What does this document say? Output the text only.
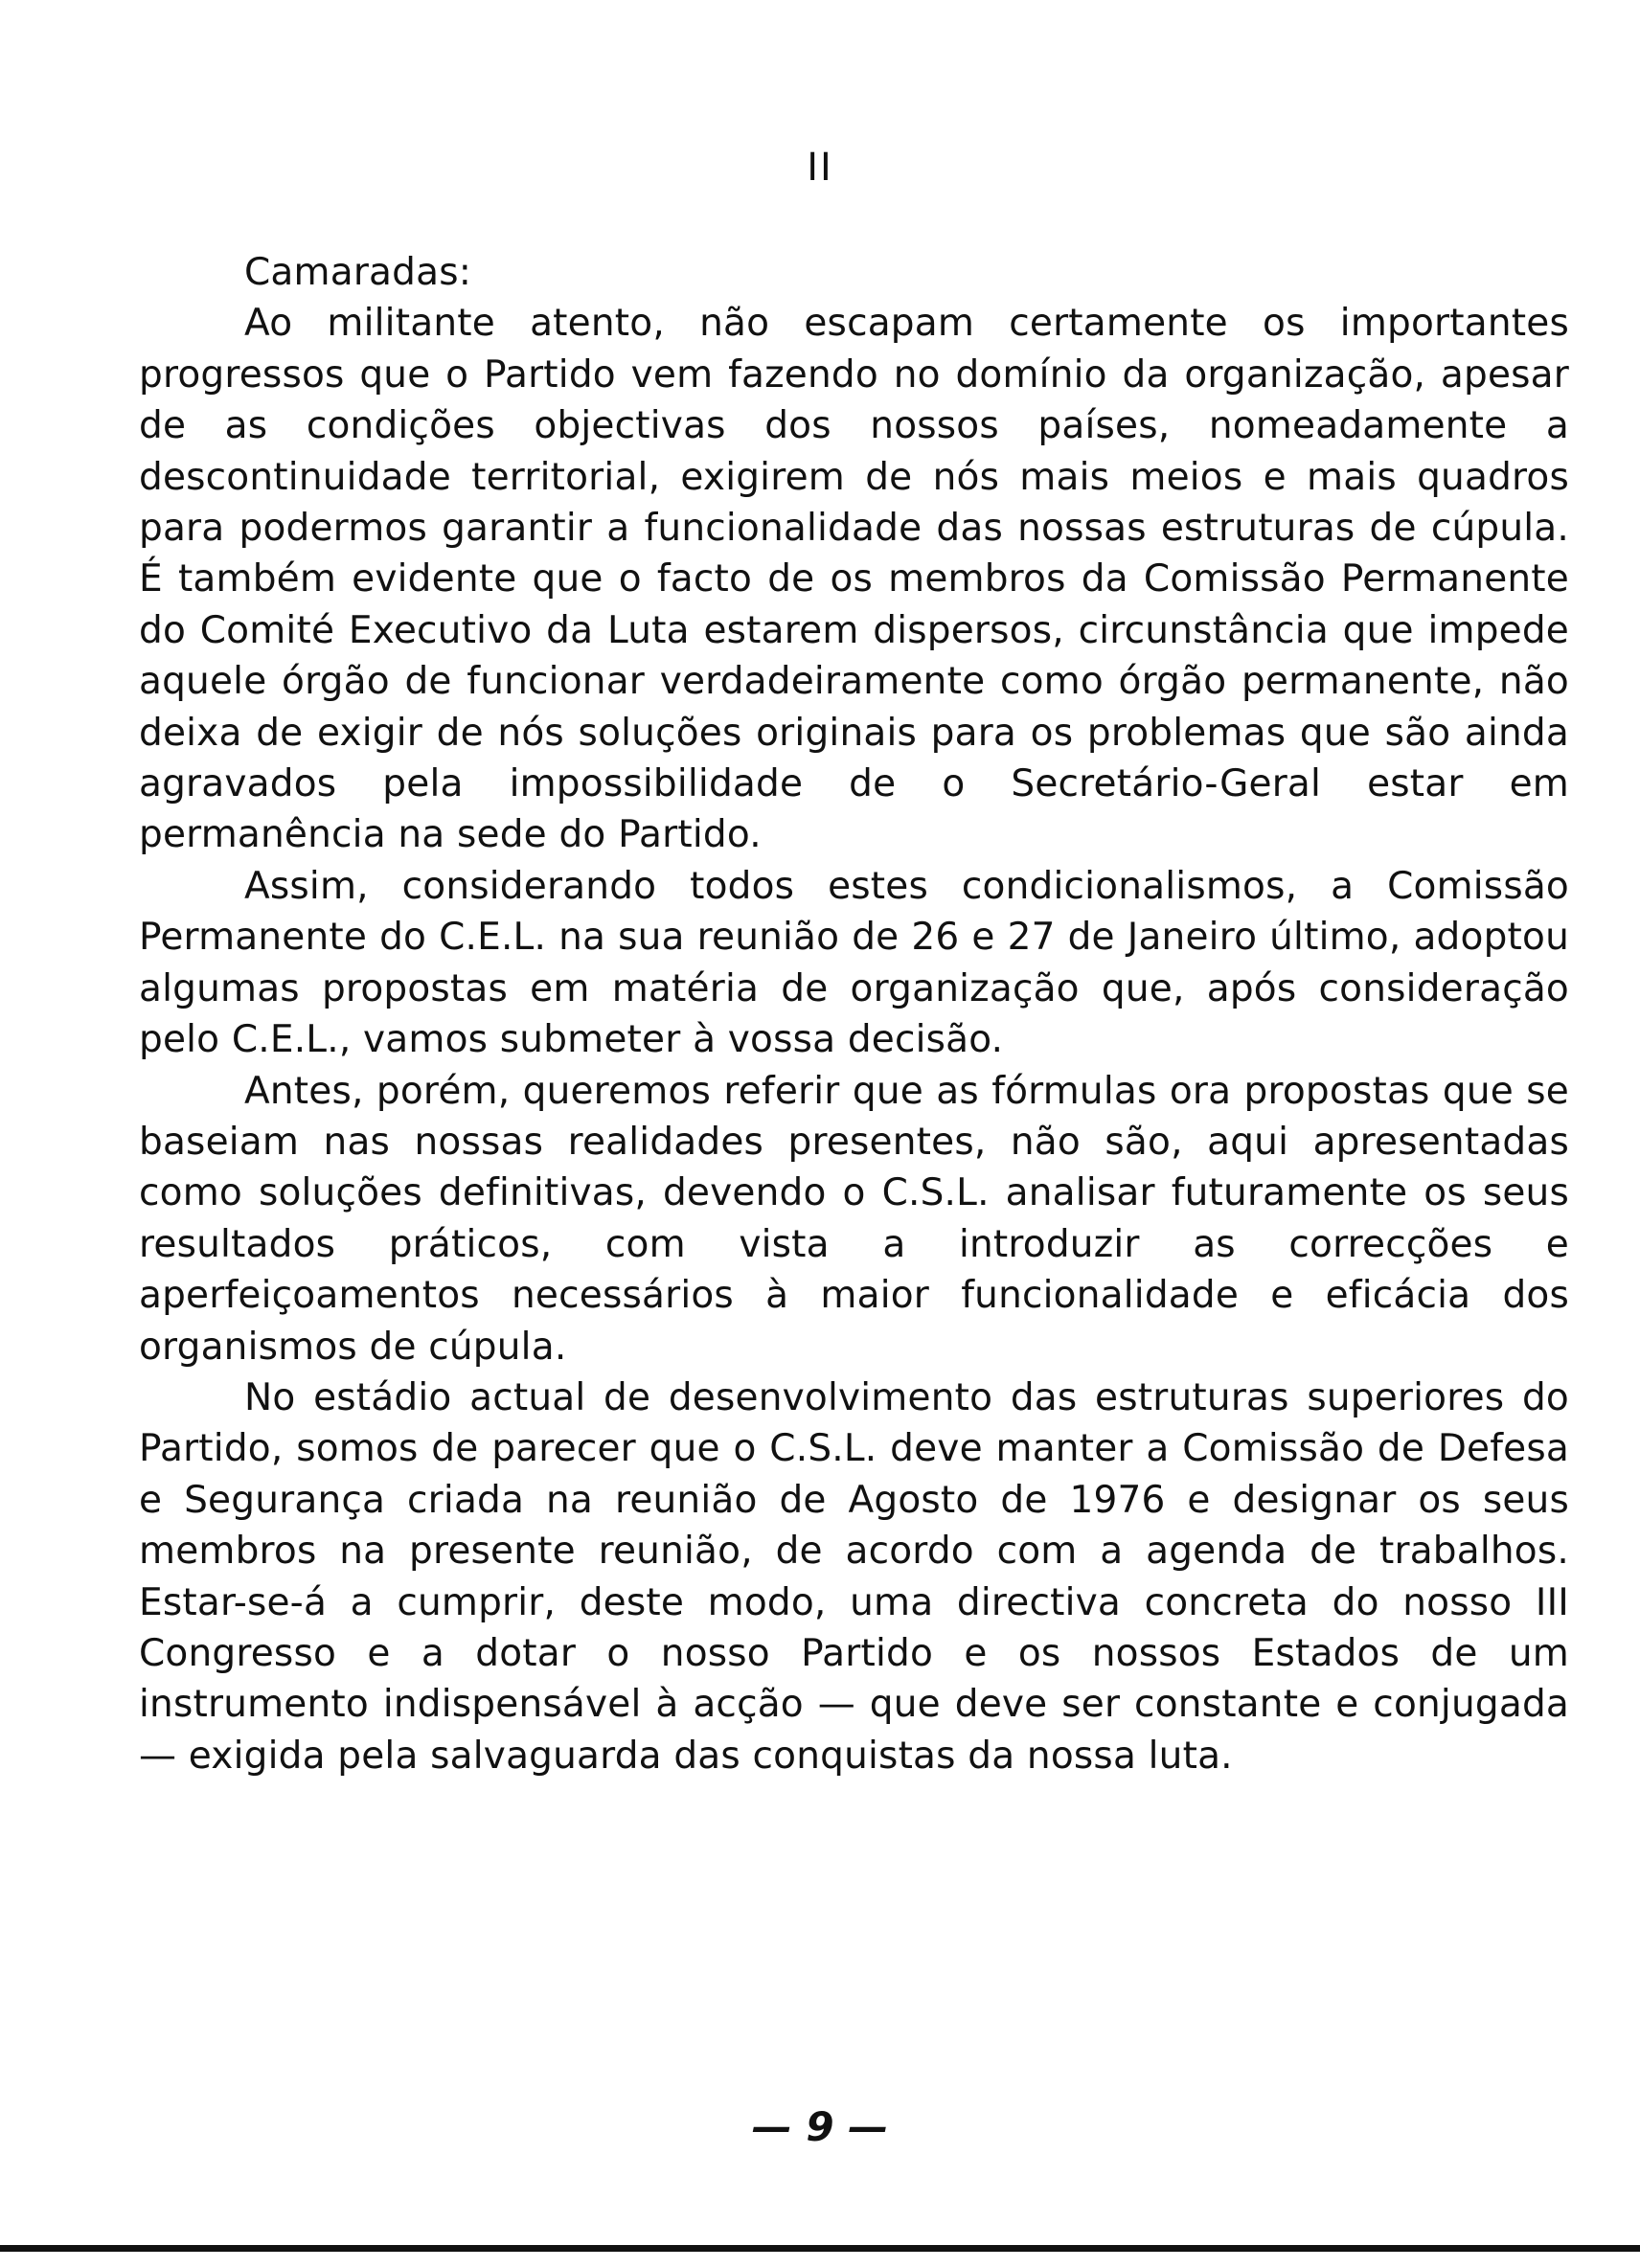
II

Camaradas:

Ao militante atento, não escapam certamente os importantes progressos que o Partido vem fazendo no domínio da organização, apesar de as condições objectivas dos nossos países, nomeadamente a descontinuidade territorial, exigirem de nós mais meios e mais quadros para podermos garantir a funcionalidade das nossas estruturas de cúpula. É também evidente que o facto de os membros da Comissão Permanente do Comité Executivo da Luta estarem dispersos, circunstância que impede aquele órgão de funcionar verdadeiramente como órgão permanente, não deixa de exigir de nós soluções originais para os problemas que são ainda agravados pela impossibilidade de o Secretário-Geral estar em permanência na sede do Partido.

Assim, considerando todos estes condicionalismos, a Comissão Permanente do C.E.L. na sua reunião de 26 e 27 de Janeiro último, adoptou algumas propostas em matéria de organização que, após consideração pelo C.E.L., vamos submeter à vossa decisão.

Antes, porém, queremos referir que as fórmulas ora propostas que se baseiam nas nossas realidades presentes, não são, aqui apresentadas como soluções definitivas, devendo o C.S.L. analisar futuramente os seus resultados práticos, com vista a introduzir as correcções e aperfeiçoamentos necessários à maior funcionalidade e eficácia dos organismos de cúpula.

No estádio actual de desenvolvimento das estruturas superiores do Partido, somos de parecer que o C.S.L. deve manter a Comissão de Defesa e Segurança criada na reunião de Agosto de 1976 e designar os seus membros na presente reunião, de acordo com a agenda de trabalhos. Estar-se-á a cumprir, deste modo, uma directiva concreta do nosso III Congresso e a dotar o nosso Partido e os nossos Estados de um instrumento indispensável à acção — que deve ser constante e conjugada — exigida pela salvaguarda das conquistas da nossa luta.

— 9 —
